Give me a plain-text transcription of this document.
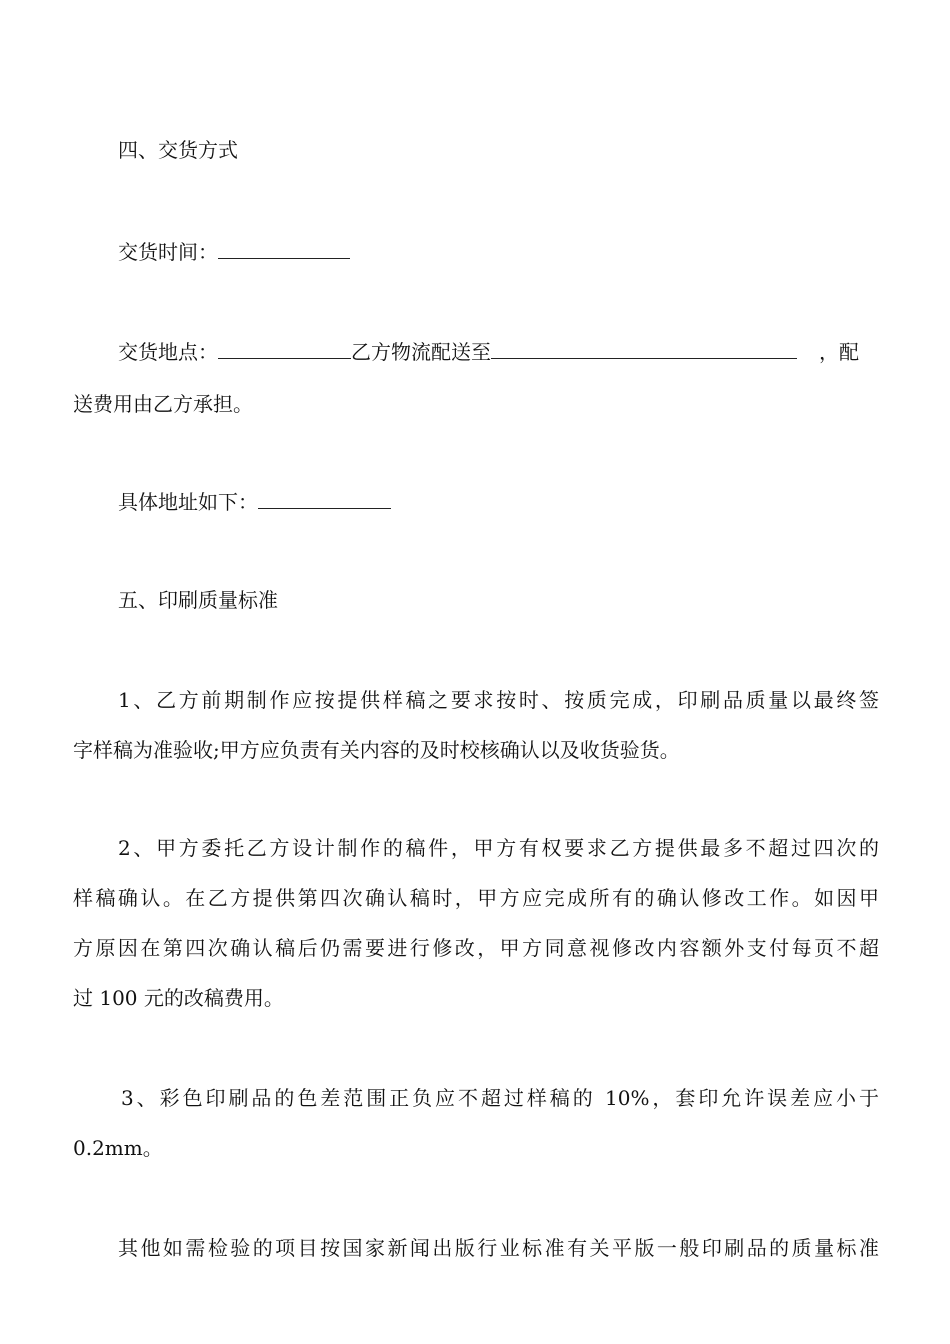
四、交货方式
交货时间：
交货地点：	乙方物流配送至	，配
送费用由乙方承担。
具体地址如下：
五、印刷质量标准
1、乙方前期制作应按提供样稿之要求按时、按质完成，印刷品质量以最终签
字样稿为准验收;甲方应负责有关内容的及时校核确认以及收货验货。
2、甲方委托乙方设计制作的稿件，甲方有权要求乙方提供最多不超过四次的
样稿确认。在乙方提供第四次确认稿时，甲方应完成所有的确认修改工作。如因甲
方原因在第四次确认稿后仍需要进行修改，甲方同意视修改内容额外支付每页不超
过 100 元的改稿费用。
3、彩色印刷品的色差范围正负应不超过样稿的 10%，套印允许误差应小于
0.2mm。
其他如需检验的项目按国家新闻出版行业标准有关平版一般印刷品的质量标准
